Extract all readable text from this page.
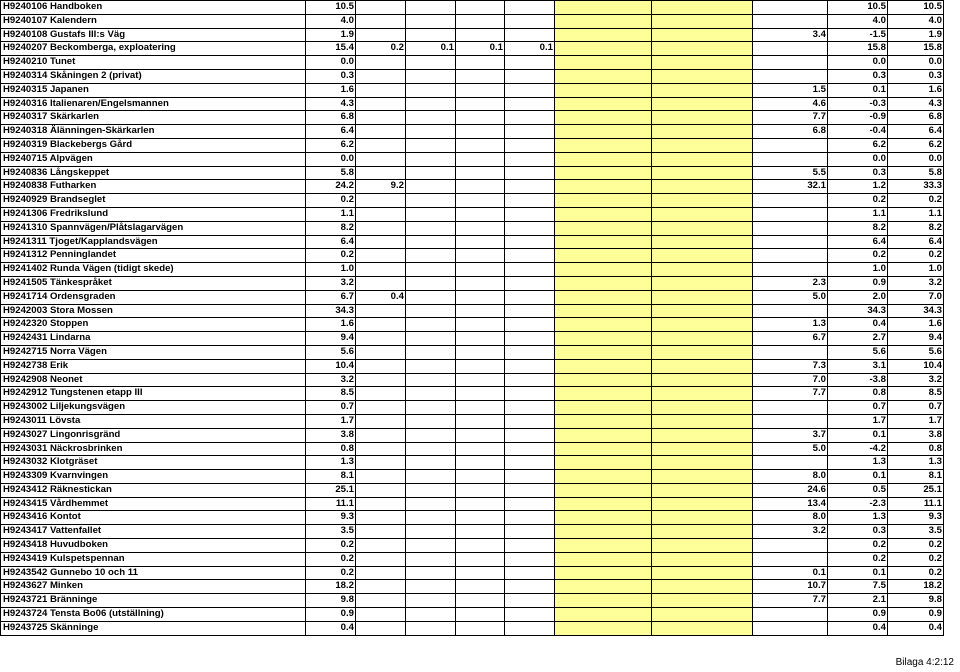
H9240106 Handboken	10.5								10.5	10.5
H9240107 Kalendern	4.0								4.0	4.0
H9240108 Gustafs III:s Väg	1.9							3.4	-1.5	1.9
H9240207 Beckomberga, exploatering	15.4	0.2	0.1	0.1	0.1				15.8	15.8
H9240210 Tunet	0.0								0.0	0.0
H9240314 Skåningen 2 (privat)	0.3								0.3	0.3
H9240315 Japanen	1.6							1.5	0.1	1.6
H9240316 Italienaren/Engelsmannen	4.3							4.6	-0.3	4.3
H9240317 Skärkarlen	6.8							7.7	-0.9	6.8
H9240318 Älänningen-Skärkarlen	6.4							6.8	-0.4	6.4
H9240319 Blackebergs Gård	6.2								6.2	6.2
H9240715 Alpvägen	0.0								0.0	0.0
H9240836 Långskeppet	5.8							5.5	0.3	5.8
H9240838 Futharken	24.2	9.2						32.1	1.2	33.3
H9240929 Brandseglet	0.2								0.2	0.2
H9241306 Fredrikslund	1.1								1.1	1.1
H9241310 Spannvägen/Plåtslagarvägen	8.2								8.2	8.2
H9241311 Tjoget/Kapplandsvägen	6.4								6.4	6.4
H9241312 Penninglandet	0.2								0.2	0.2
H9241402 Runda Vägen (tidigt skede)	1.0								1.0	1.0
H9241505 Tänkespråket	3.2							2.3	0.9	3.2
H9241714 Ordensgraden	6.7	0.4						5.0	2.0	7.0
H9242003 Stora Mossen	34.3								34.3	34.3
H9242320 Stoppen	1.6							1.3	0.4	1.6
H9242431 Lindarna	9.4							6.7	2.7	9.4
H9242715 Norra Vägen	5.6								5.6	5.6
H9242738 Erik	10.4							7.3	3.1	10.4
H9242908 Neonet	3.2							7.0	-3.8	3.2
H9242912 Tungstenen etapp III	8.5							7.7	0.8	8.5
H9243002 Liljekungsvägen	0.7								0.7	0.7
H9243011 Lövsta	1.7								1.7	1.7
H9243027 Lingonrisgränd	3.8							3.7	0.1	3.8
H9243031 Näckrosbrinken	0.8							5.0	-4.2	0.8
H9243032 Klotgräset	1.3								1.3	1.3
H9243309 Kvarnvingen	8.1							8.0	0.1	8.1
H9243412 Räknestickan	25.1							24.6	0.5	25.1
H9243415 Vårdhemmet	11.1							13.4	-2.3	11.1
H9243416 Kontot	9.3							8.0	1.3	9.3
H9243417 Vattenfallet	3.5							3.2	0.3	3.5
H9243418 Huvudboken	0.2								0.2	0.2
H9243419 Kulspetspennan	0.2								0.2	0.2
H9243542 Gunnebo 10 och 11	0.2							0.1	0.1	0.2
H9243627 Minken	18.2							10.7	7.5	18.2
H9243721 Bränninge	9.8							7.7	2.1	9.8
H9243724 Tensta Bo06 (utställning)	0.9								0.9	0.9
H9243725 Skänninge	0.4								0.4	0.4
Bilaga 4:2:12
